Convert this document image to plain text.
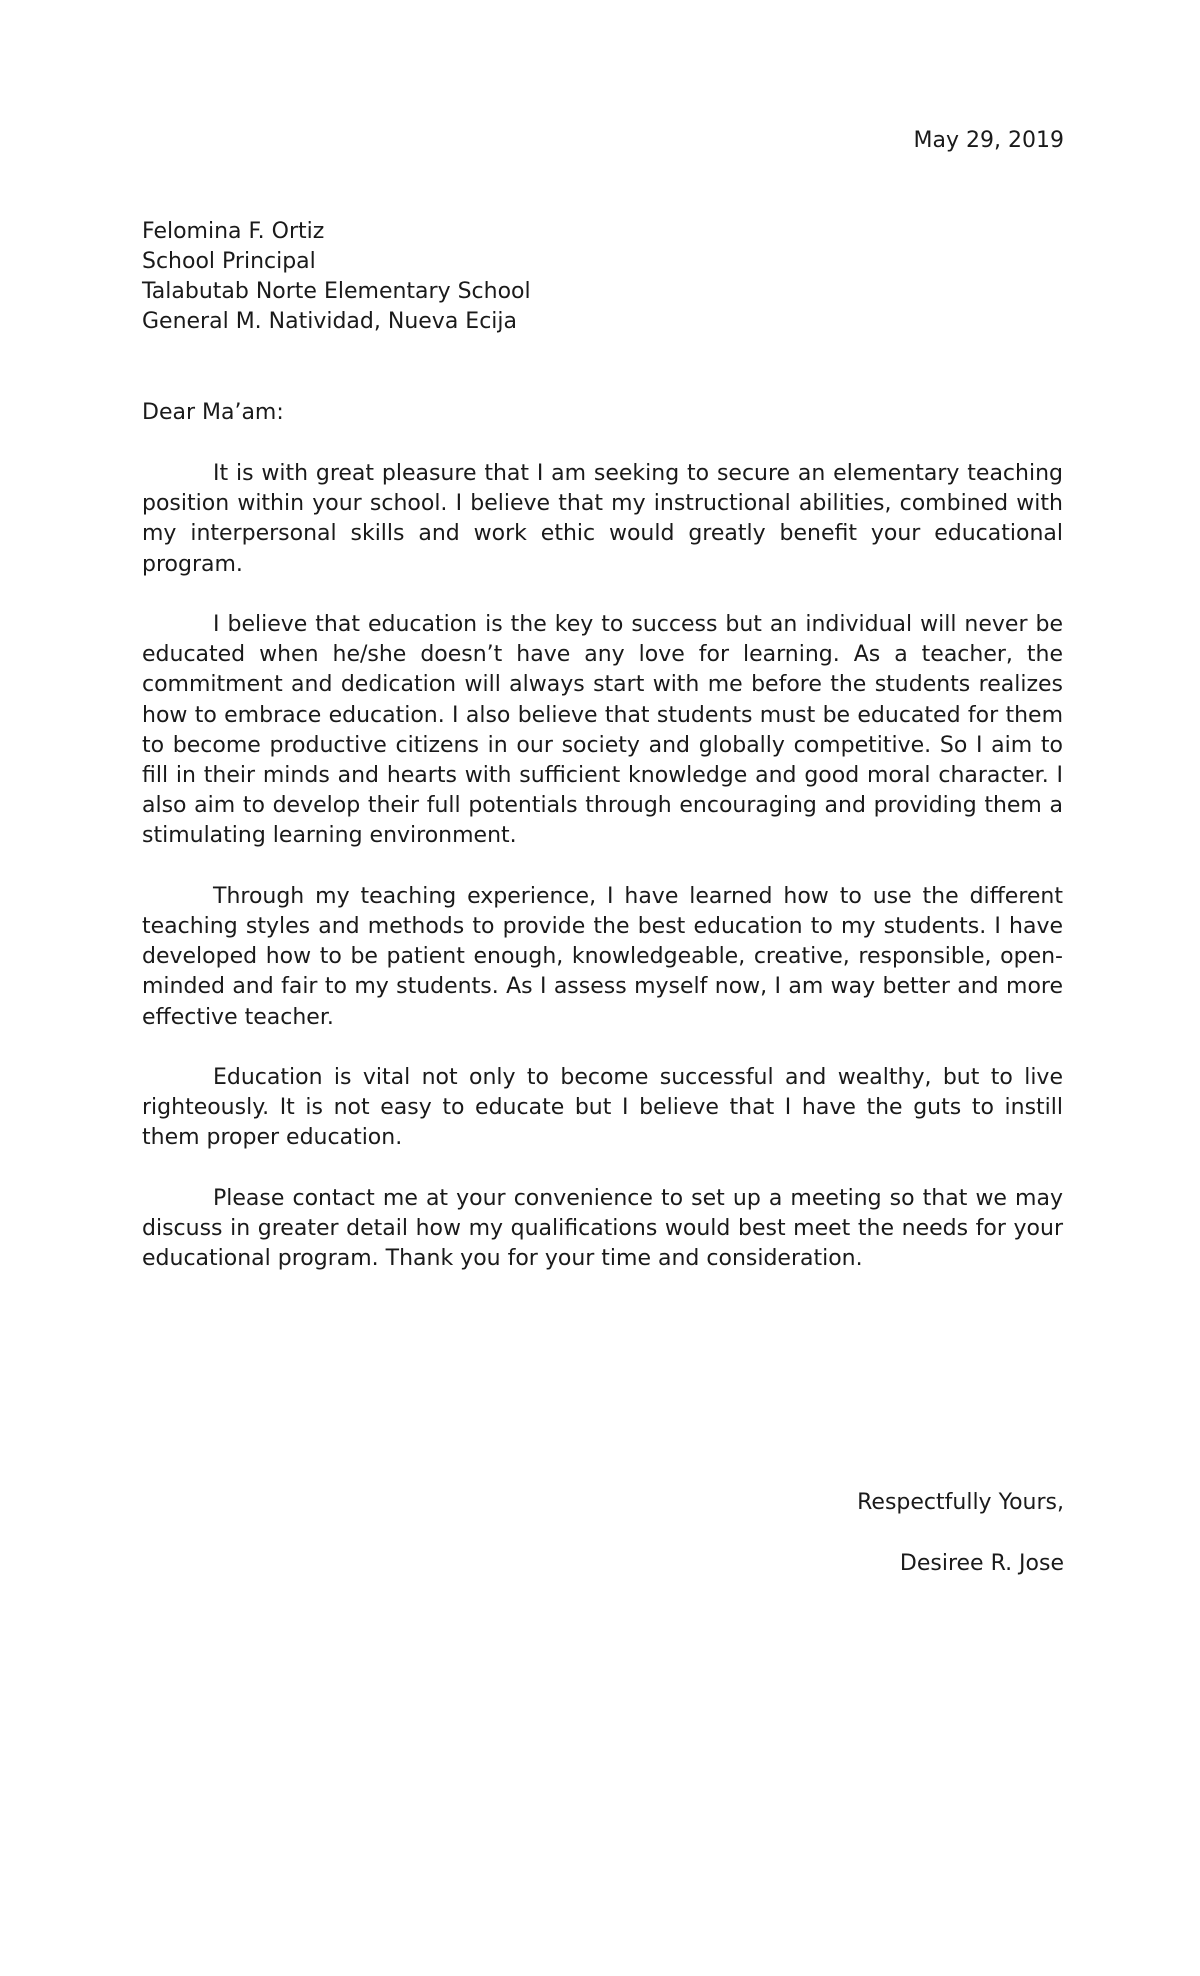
May 29, 2019
Felomina F. Ortiz
School Principal
Talabutab Norte Elementary School
General M. Natividad, Nueva Ecija
Dear Ma’am:

It is with great pleasure that I am seeking to secure an elementary teaching position within your school. I believe that my instructional abilities, combined with my interpersonal skills and work ethic would greatly benefit your educational program.

I believe that education is the key to success but an individual will never be educated when he/she doesn’t have any love for learning. As a teacher, the commitment and dedication will always start with me before the students realizes how to embrace education. I also believe that students must be educated for them to become productive citizens in our society and globally competitive. So I aim to fill in their minds and hearts with sufficient knowledge and good moral character. I also aim to develop their full potentials through encouraging and providing them a stimulating learning environment.

Through my teaching experience, I have learned how to use the different teaching styles and methods to provide the best education to my students. I have developed how to be patient enough, knowledgeable, creative, responsible, open-minded and fair to my students. As I assess myself now, I am way better and more effective teacher.

Education is vital not only to become successful and wealthy, but to live righteously. It is not easy to educate but I believe that I have the guts to instill them proper education.

Please contact me at your convenience to set up a meeting so that we may discuss in greater detail how my qualifications would best meet the needs for your educational program. Thank you for your time and consideration.

Respectfully Yours,
Desiree R. Jose
